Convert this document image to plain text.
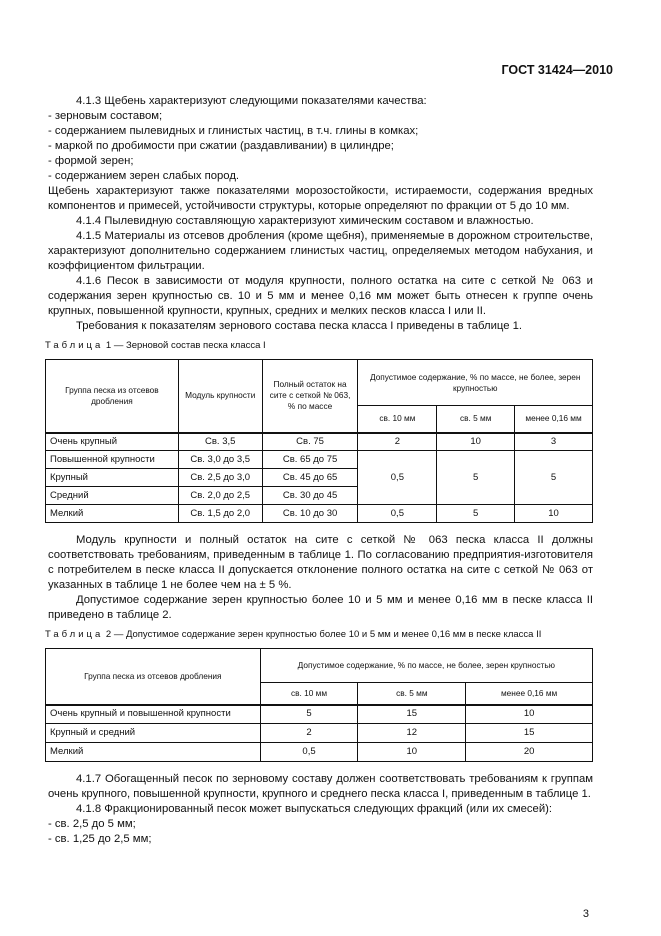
ГОСТ 31424—2010

4.1.3 Щебень характеризуют следующими показателями качества:

- зерновым составом;

- содержанием пылевидных и глинистых частиц, в т.ч. глины в комках;

- маркой по дробимости при сжатии (раздавливании) в цилиндре;

- формой зерен;

- содержанием зерен слабых пород.

Щебень характеризуют также показателями морозостойкости, истираемости, содержания вредных компонентов и примесей, устойчивости структуры, которые определяют по фракции от 5 до 10 мм.

4.1.4 Пылевидную составляющую характеризуют химическим составом и влажностью.

4.1.5 Материалы из отсевов дробления (кроме щебня), применяемые в дорожном строительстве, характеризуют дополнительно содержанием глинистых частиц, определяемых методом набухания, и коэффициентом фильтрации.

4.1.6 Песок в зависимости от модуля крупности, полного остатка на сите с сеткой № 063 и содержания зерен крупностью св. 10 и 5 мм и менее 0,16 мм может быть отнесен к группе очень крупных, повышенной крупности, крупных, средних и мелких песков класса I или II.

Требования к показателям зернового состава песка класса I приведены в таблице 1.

Таблица 1 — Зерновой состав песка класса I
Группа песка из отсевов дробления	Модуль крупности	Полный остаток на сите с сеткой № 063, % по массе	Допустимое содержание, % по массе, не более, зерен крупностью		
			св. 10 мм	св. 5 мм	менее 0,16 мм
Очень крупный	Св. 3,5	Св. 75	2	10	3
Повышенной крупности	Св. 3,0 до 3,5	Св. 65 до 75	0,5	5	5
Крупный	Св. 2,5 до 3,0	Св. 45 до 65			
Средний	Св. 2,0 до 2,5	Св. 30 до 45			
Мелкий	Св. 1,5 до 2,0	Св. 10 до 30	0,5	5	10

Модуль крупности и полный остаток на сите с сеткой № 063 песка класса II должны соответствовать требованиям, приведенным в таблице 1. По согласованию предприятия-изготовителя с потребителем в песке класса II допускается отклонение полного остатка на сите с сеткой № 063 от указанных в таблице 1 не более чем на ± 5 %.

Допустимое содержание зерен крупностью более 10 и 5 мм и менее 0,16 мм в песке класса II приведено в таблице 2.

Таблица 2 — Допустимое содержание зерен крупностью более 10 и 5 мм и менее 0,16 мм в песке класса II
Группа песка из отсевов дробления	Допустимое содержание, % по массе, не более, зерен крупностью		
	св. 10 мм	св. 5 мм	менее 0,16 мм
Очень крупный и повышенной крупности	5	15	10
Крупный и средний	2	12	15
Мелкий	0,5	10	20

4.1.7 Обогащенный песок по зерновому составу должен соответствовать требованиям к группам очень крупного, повышенной крупности, крупного и среднего песка класса I, приведенным в таблице 1.

4.1.8 Фракционированный песок может выпускаться следующих фракций (или их смесей):

- св. 2,5 до 5 мм;

- св. 1,25 до 2,5 мм;

3
